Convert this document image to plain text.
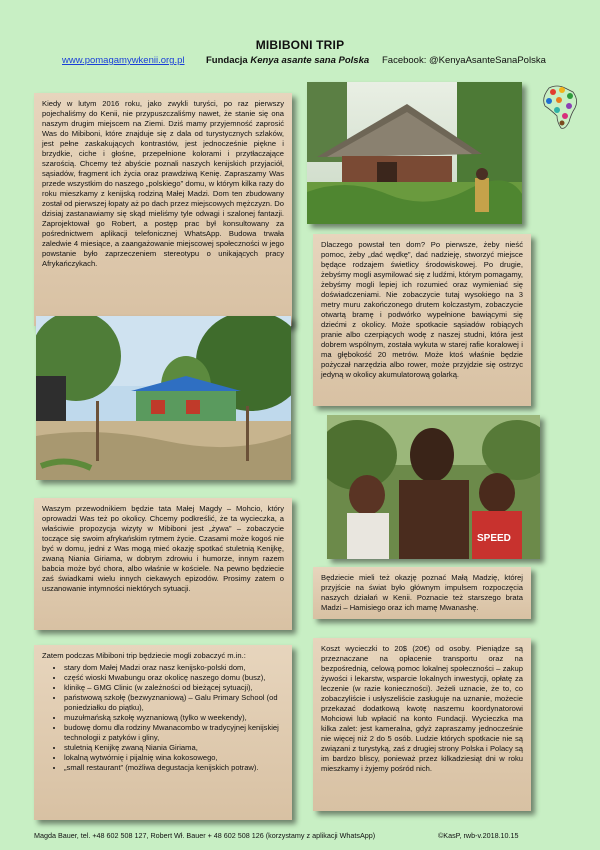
MIBIBONI TRIP
www.pomagamywkenii.org.pl Fundacja Kenya asante sana Polska Facebook: @KenyaAsanteSanaPolska

Kiedy w lutym 2016 roku, jako zwykli turyści, po raz pierwszy pojechaliśmy do Kenii, nie przypuszczaliśmy nawet, że stanie się ona naszym drugim miejscem na Ziemi. Dziś mamy przyjemność zaprosić Was do Mibiboni, które znajduje się z dala od turystycznych szlaków, jest pełne zaskakujących kontrastów, jest jednocześnie piękne i brzydkie, ciche i głośne, przepełnione kolorami i przytłaczające szarością. Chcemy też abyście poznali naszych kenijskich przyjaciół, sąsiadów, fragment ich życia oraz prawdziwą Kenię. Zapraszamy Was przede wszystkim do naszego „polskiego” domu, w którym kilka razy do roku mieszkamy z kenijską rodziną Małej Madzi. Dom ten zbudowany został od pierwszej łopaty aż po dach przez miejscowych mężczyzn. Do dzisiaj zastanawiamy się skąd mieliśmy tyle odwagi i szalonej fantazji. Zaprojektował go Robert, a postęp prac był konsultowany za pośrednictwem aplikacji telefonicznej WhatsApp. Budowa trwała zaledwie 4 miesiące, a zaangażowanie miejscowej społeczności w jego powstanie było zaprzeczeniem stereotypu o unikających pracy Afrykańczykach.

Dlaczego powstał ten dom? Po pierwsze, żeby nieść pomoc, żeby „dać wędkę”, dać nadzieję, stworzyć miejsce będące rodzajem świetlicy środowiskowej. Po drugie, żebyśmy mogli asymilować się z ludźmi, którym pomagamy, żebyśmy mogli lepiej ich rozumieć oraz wymieniać się doświadczeniami. Nie zobaczycie tutaj wysokiego na 3 metry muru zakończonego drutem kolczastym, zobaczycie otwartą bramę i podwórko wypełnione bawiącymi się dziećmi z okolicy. Może spotkacie sąsiadów robiących pranie albo czerpiących wodę z naszej studni, która jest dobrem wspólnym, została wykuta w starej rafie koralowej i ma głębokość 20 metrów. Może ktoś właśnie będzie pożyczał narzędzia albo rower, może przyjdzie się ostrzyc jedyną w okolicy akumulatorową golarką.

SPEED

Waszym przewodnikiem będzie tata Małej Magdy – Mohcio, który oprowadzi Was też po okolicy. Chcemy podkreślić, że ta wycieczka, a właściwie propozycja wizyty w Mibiboni jest „żywa” – zobaczycie toczące się swoim afrykańskim rytmem życie. Czasami może kogoś nie być w domu, jedni z Was mogą mieć okazję spotkać stuletnią Kenijkę, zwaną Niania Giriama, w dobrym zdrowiu i humorze, innym razem babcia może być chora, albo właśnie w kościele. Na pewno będziecie zaś świadkami wielu innych ciekawych epizodów. Prosimy zatem o uszanowanie intymności niektórych sytuacji.

Będziecie mieli też okazję poznać Małą Madzię, której przyjście na świat było głównym impulsem rozpoczęcia naszych działań w Kenii. Poznacie też starszego brata Madzi – Hamisiego oraz ich mamę Mwanashę.

Zatem podczas Mibiboni trip będziecie mogli zobaczyć m.in.:

• stary dom Małej Madzi oraz nasz kenijsko-polski dom,
• część wioski Mwabungu oraz okolicę naszego domu (busz),
• klinikę – GMG Clinic (w zależności od bieżącej sytuacji),
• państwową szkołę (bezwyznaniową) – Galu Primary School (od poniedziałku do piątku),
• muzułmańską szkołę wyznaniową (tylko w weekendy),
• budowę domu dla rodziny Mwanacombo w tradycyjnej kenijskiej technologii z patyków i gliny,
• stuletnią Kenijkę zwaną Niania Giriama,
• lokalną wytwórnię i pijalnię wina kokosowego,
• „small restaurant” (możliwa degustacja kenijskich potraw).

Koszt wycieczki to 20$ (20€) od osoby. Pieniądze są przeznaczane na opłacenie transportu oraz na bezpośrednią, celową pomoc lokalnej społeczności – zakup żywości i lekarstw, wsparcie lokalnych inwestycji, opłatę za leczenie (w razie konieczności). Jeżeli uznacie, że to, co zobaczyliście i usłyszeliście zasługuje na uznanie, możecie przekazać dodatkową kwotę naszemu koordynatorowi Mohciowi lub wpłacić na konto Fundacji. Wycieczka ma kilka zalet: jest kameralna, gdyż zapraszamy jednocześnie nie więcej niż 2 do 5 osób. Ludzie których spotkacie nie są związani z turystyką, zaś z drugiej strony Polska i Polacy są im bardzo bliscy, ponieważ przez kilkadziesiąt dni w roku mieszkamy i żyjemy pośród nich.

Magda Bauer, tel. +48 602 508 127, Robert Wł. Bauer + 48 602 508 126 (korzystamy z aplikacji WhatsApp)	©KasP, rwb-v.2018.10.15
